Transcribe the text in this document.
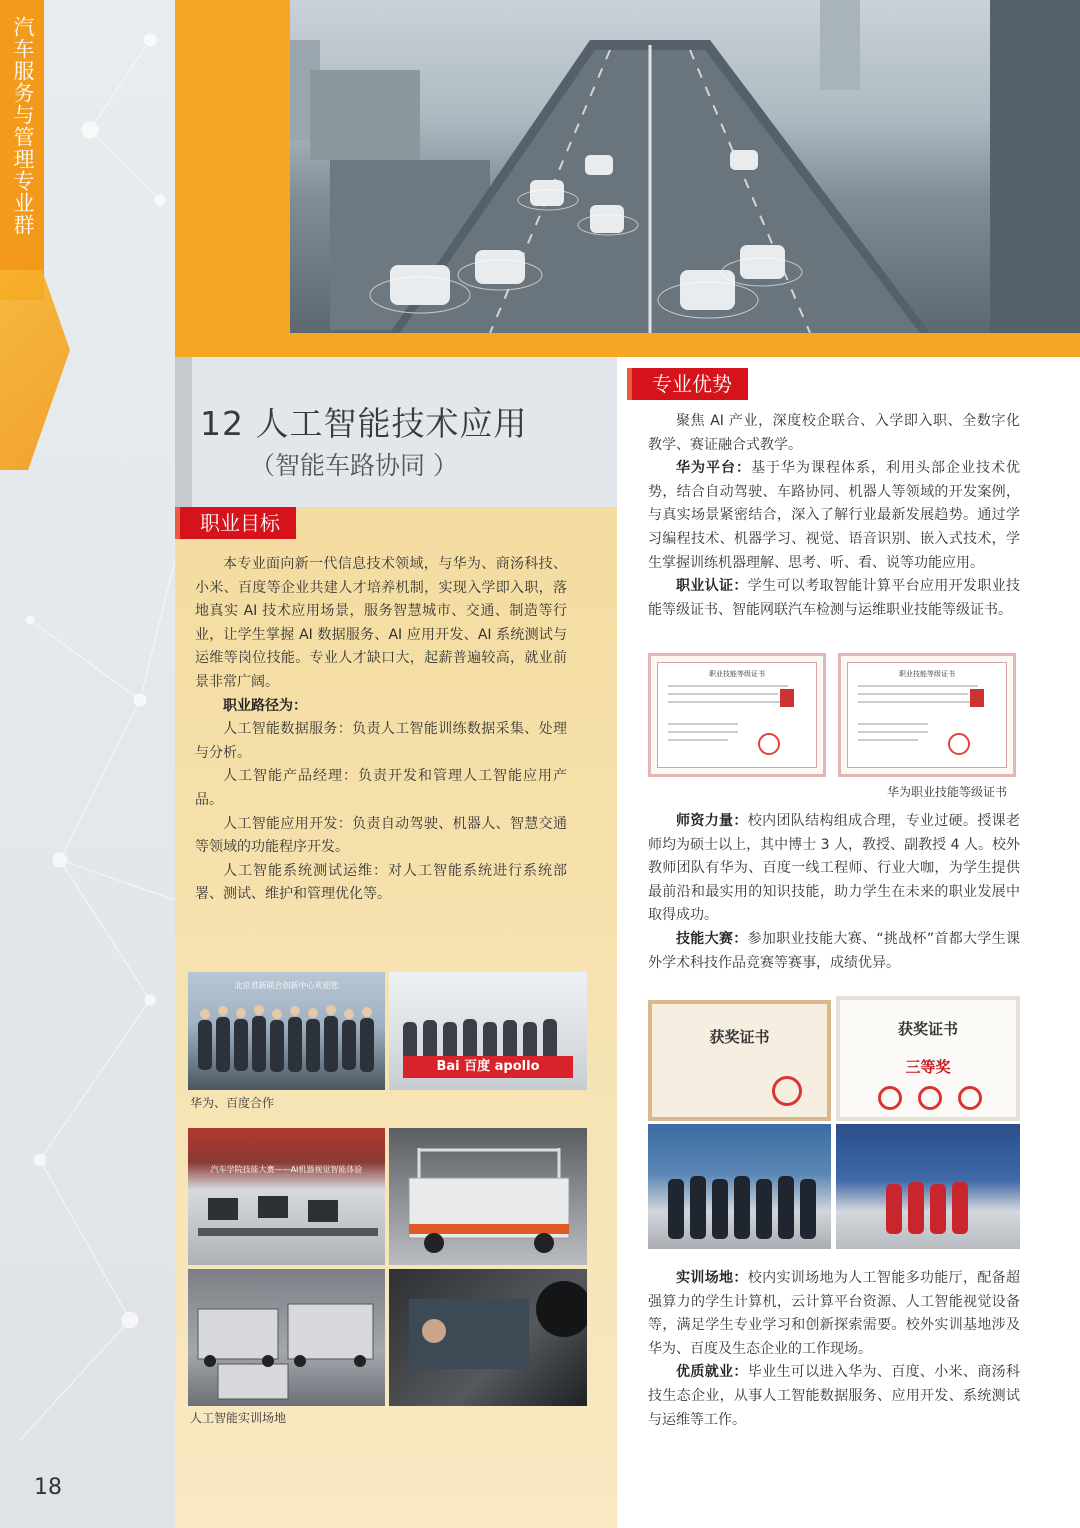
汽车服务与管理专业群
18
12 人工智能技术应用
（智能车路协同 ）
职业目标

本专业面向新一代信息技术领域，与华为、商汤科技、小米、百度等企业共建人才培养机制，实现入学即入职，落地真实 AI 技术应用场景，服务智慧城市、交通、制造等行业，让学生掌握 AI 数据服务、AI 应用开发、AI 系统测试与运维等岗位技能。专业人才缺口大，起薪普遍较高，就业前景非常广阔。

职业路径为：

人工智能数据服务：负责人工智能训练数据采集、处理与分析。

人工智能产品经理：负责开发和管理人工智能应用产品。

人工智能应用开发：负责自动驾驶、机器人、智慧交通等领域的功能程序开发。

人工智能系统测试运维：对人工智能系统进行系统部署、测试、维护和管理优化等。

北京君新联合创新中心欢迎您
Bai 百度 apollo
华为、百度合作
汽车学院技能大赛——AI机器视觉智能体验
人工智能实训场地
专业优势

聚焦 AI 产业，深度校企联合、入学即入职、全数字化教学、赛证融合式教学。

华为平台：基于华为课程体系，利用头部企业技术优势，结合自动驾驶、车路协同、机器人等领域的开发案例，与真实场景紧密结合，深入了解行业最新发展趋势。通过学习编程技术、机器学习、视觉、语音识别、嵌入式技术，学生掌握训练机器理解、思考、听、看、说等功能应用。

职业认证：学生可以考取智能计算平台应用开发职业技能等级证书、智能网联汽车检测与运维职业技能等级证书。

职业技能等级证书	职业技能等级证书
华为职业技能等级证书

师资力量：校内团队结构组成合理，专业过硬。授课老师均为硕士以上，其中博士 3 人，教授、副教授 4 人。校外教师团队有华为、百度一线工程师、行业大咖，为学生提供最前沿和最实用的知识技能，助力学生在未来的职业发展中取得成功。

技能大赛：参加职业技能大赛、“挑战杯”首都大学生课外学术科技作品竞赛等赛事，成绩优异。

获奖证书	获奖证书
三等奖

实训场地：校内实训场地为人工智能多功能厅，配备超强算力的学生计算机，云计算平台资源、人工智能视觉设备等，满足学生专业学习和创新探索需要。校外实训基地涉及华为、百度及生态企业的工作现场。

优质就业：毕业生可以进入华为、百度、小米、商汤科技生态企业，从事人工智能数据服务、应用开发、系统测试与运维等工作。
